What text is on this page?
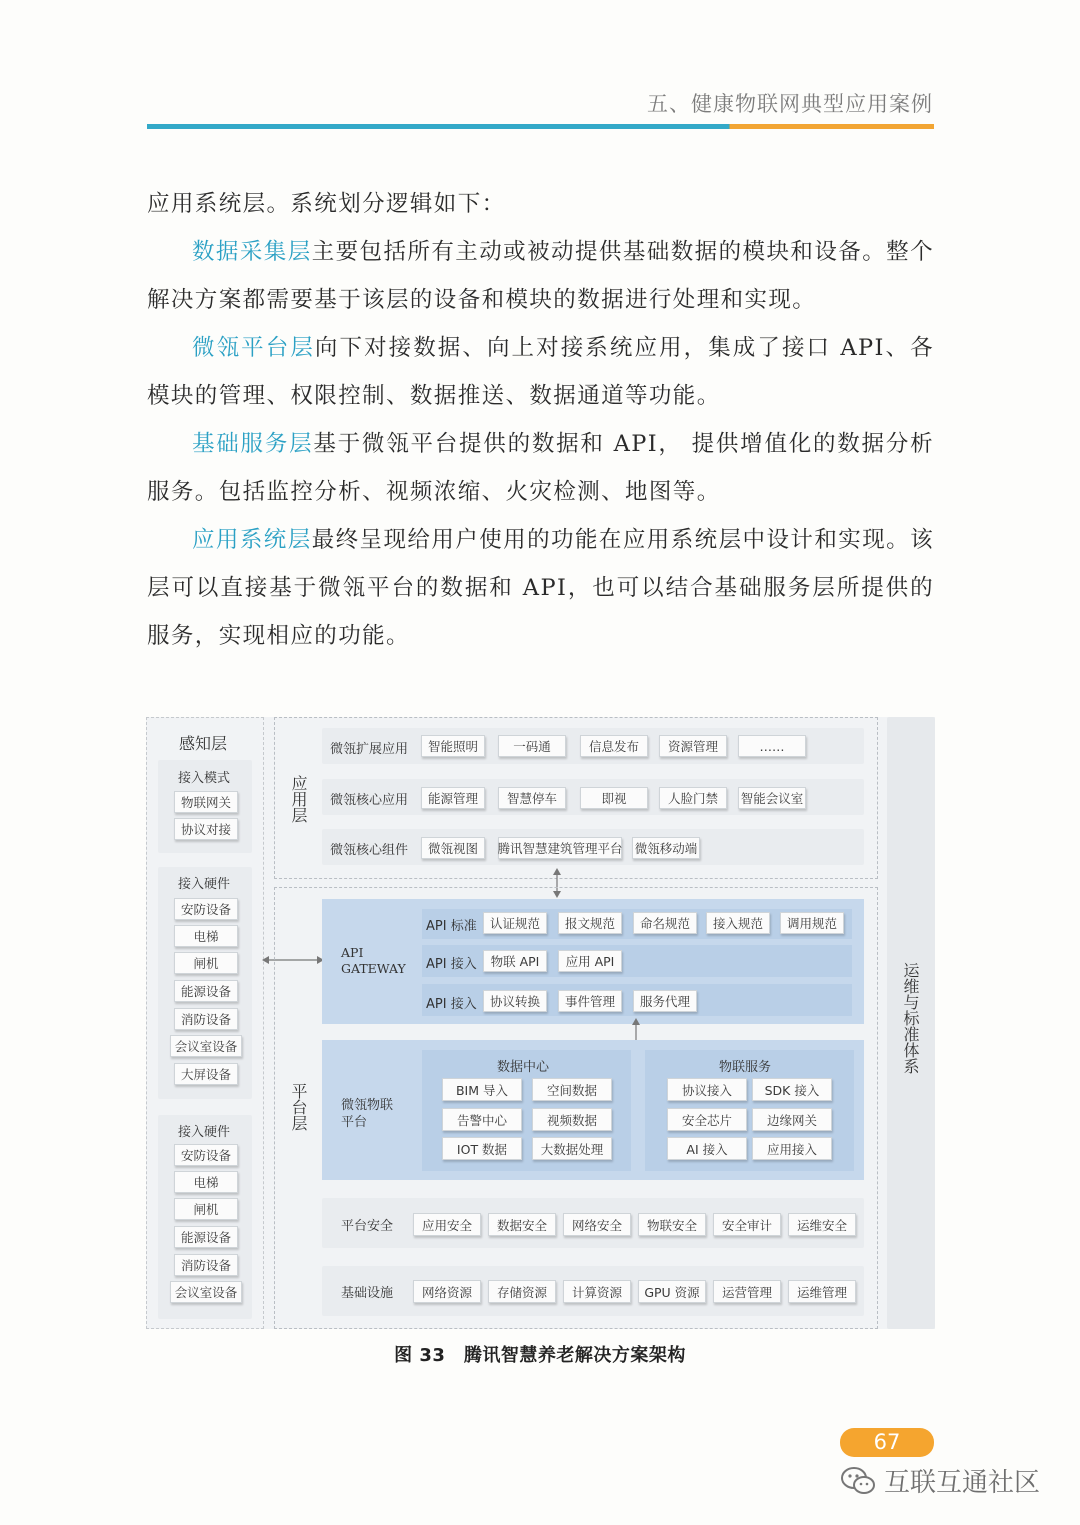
五、健康物联网典型应用案例

应用系统层。系统划分逻辑如下：

数据采集层主要包括所有主动或被动提供基础数据的模块和设备。整个解决方案都需要基于该层的设备和模块的数据进行处理和实现。

微瓴平台层向下对接数据、向上对接系统应用，集成了接口 API、各模块的管理、权限控制、数据推送、数据通道等功能。

基础服务层基于微瓴平台提供的数据和 API， 提供增值化的数据分析服务。包括监控分析、视频浓缩、火灾检测、地图等。

应用系统层最终呈现给用户使用的功能在应用系统层中设计和实现。该层可以直接基于微瓴平台的数据和 API，也可以结合基础服务层所提供的服务，实现相应的功能。

感知层
接入模式
物联网关
协议对接
接入硬件
安防设备
电梯
闸机
能源设备
消防设备
会议室设备
大屏设备
接入硬件
安防设备
电梯
闸机
能源设备
消防设备
会议室设备
应用层
微瓴扩展应用	智能照明	一码通	信息发布	资源管理	……
微瓴核心应用	能源管理	智慧停车	即视	人脸门禁	智能会议室
微瓴核心组件	微瓴视图	腾讯智慧建筑管理平台 微瓴移动端
平台层
API GATEWAY
API 标准	认证规范	报文规范	命名规范	接入规范	调用规范
API 接入	物联 API	应用 API
API 接入	协议转换	事件管理	服务代理
微瓴物联平台
数据中心
BIM 导入	空间数据
告警中心	视频数据
IOT 数据	大数据处理
物联服务
协议接入	SDK 接入
安全芯片	边缘网关
AI 接入	应用接入
平台安全	应用安全	数据安全	网络安全	物联安全	安全审计	运维安全
基础设施	网络资源	存储资源	计算资源	GPU 资源	运营管理	运维管理
运维与标准体系
图 33　腾讯智慧养老解决方案架构
67
互联互通社区
